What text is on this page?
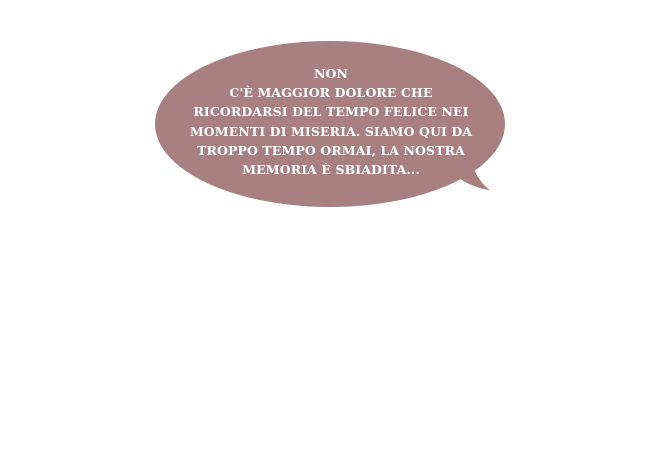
NON
C'È MAGGIOR DOLORE CHE
RICORDARSI DEL TEMPO FELICE NEI
MOMENTI DI MISERIA. SIAMO QUI DA
TROPPO TEMPO ORMAI, LA NOSTRA
MEMORIA È SBIADITA...
